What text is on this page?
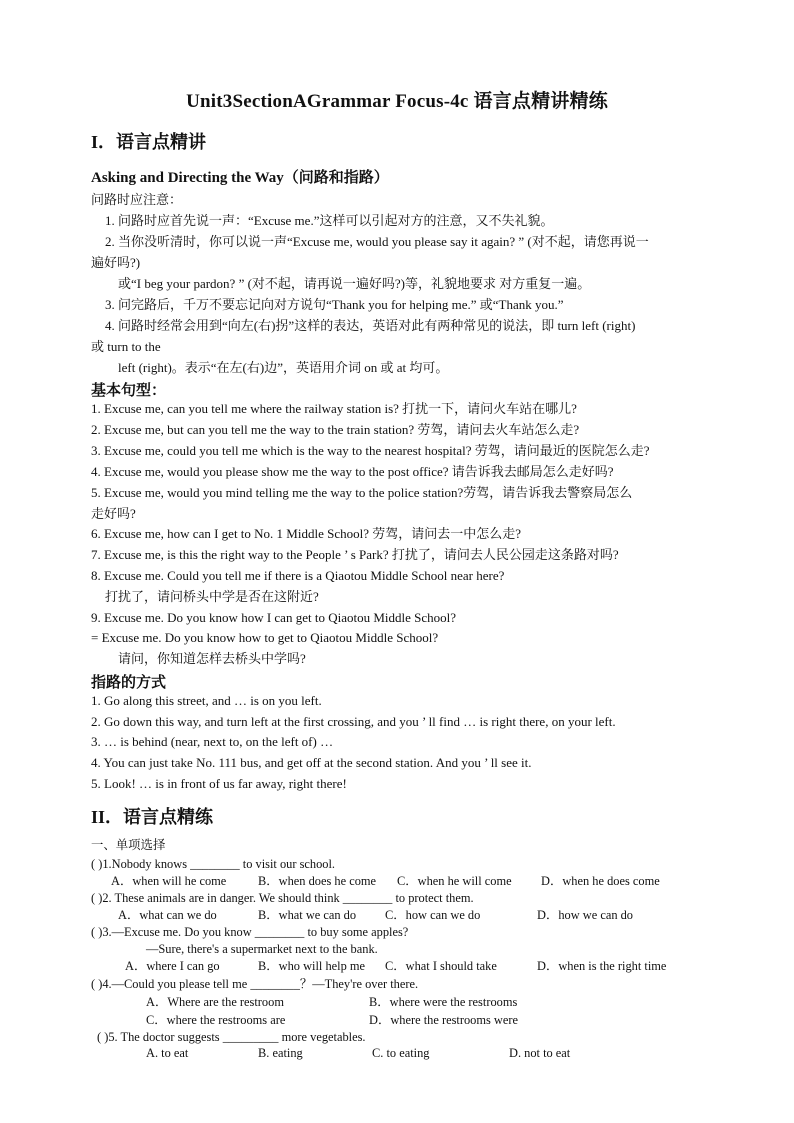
Unit3SectionAGrammar Focus-4c 语言点精讲精练
I．语言点精讲
Asking and Directing the Way（问路和指路）
问路时应注意：
1. 问路时应首先说一声：“Excuse me.”这样可以引起对方的注意，又不失礼貌。
2. 当你没听清时，你可以说一声“Excuse me, would you please say it again? ” (对不起，请您再说一
遍好吗?)
或“I beg your pardon? ” (对不起，请再说一遍好吗?)等，礼貌地要求 对方重复一遍。
3. 问完路后，千万不要忘记向对方说句“Thank you for helping me.” 或“Thank you.”
4. 问路时经常会用到“向左(右)拐”这样的表达，英语对此有两种常见的说法，即 turn left (right)
或 turn to the
left (right)。表示“在左(右)边”，英语用介词 on 或 at 均可。
基本句型：
1. Excuse me, can you tell me where the railway station is? 打扰一下，请问火车站在哪儿?
2. Excuse me, but can you tell me the way to the train station? 劳驾，请问去火车站怎么走?
3. Excuse me, could you tell me which is the way to the nearest hospital? 劳驾，请问最近的医院怎么走?
4. Excuse me, would you please show me the way to the post office? 请告诉我去邮局怎么走好吗?
5. Excuse me, would you mind telling me the way to the police station?劳驾，请告诉我去警察局怎么
走好吗?
6. Excuse me, how can I get to No. 1 Middle School? 劳驾，请问去一中怎么走?
7. Excuse me, is this the right way to the People ’ s Park? 打扰了，请问去人民公园走这条路对吗?
8. Excuse me. Could you tell me if there is a Qiaotou Middle School near here?
打扰了，请问桥头中学是否在这附近?
9. Excuse me. Do you know how I can get to Qiaotou Middle School?
= Excuse me. Do you know how to get to Qiaotou Middle School?
请问，你知道怎样去桥头中学吗?
指路的方式
1. Go along this street, and … is on you left.
2. Go down this way, and turn left at the first crossing, and you ’ ll find … is right there, on your left.
3. … is behind (near, next to, on the left of) …
4. You can just take No. 111 bus, and get off at the second station. And you ’ ll see it.
5. Look! … is in front of us far away, right there!
II．语言点精练
一、单项选择
( )1.Nobody knows ________ to visit our school.
A．when will he come	B．when does he come C．when he will come D．when he does come
( )2. These animals are in danger. We should think ________ to protect them.
A．what can we do	B．what we can do C．how can we do	D．how we can do
( )3.—Excuse me. Do you know ________ to buy some apples?
—Sure, there's a supermarket next to the bank.
A．where I can go	B．who will help me C．what I should take	D．when is the right time
( )4.—Could you please tell me ________？—They're over there.
A．Where are the restroom	B．where were the restrooms
C．where the restrooms are	D．where the restrooms were
( )5. The doctor suggests _________ more vegetables.
A. to eat	B. eating	C. to eating	D. not to eat
